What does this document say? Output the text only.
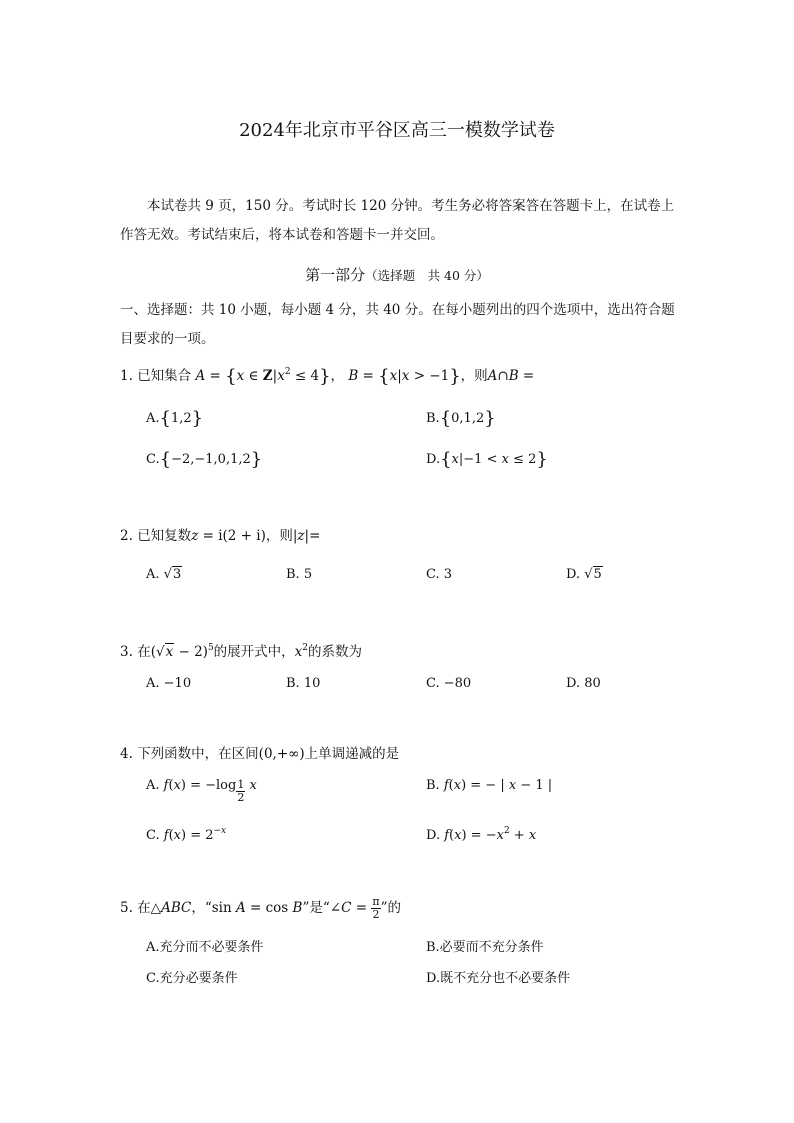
2024年北京市平谷区高三一模数学试卷
本试卷共 9 页，150 分。考试时长 120 分钟。考生务必将答案答在答题卡上，在试卷上作答无效。考试结束后，将本试卷和答题卡一并交回。
第一部分（选择题　共 40 分）
一、选择题：共 10 小题，每小题 4 分，共 40 分。在每小题列出的四个选项中，选出符合题目要求的一项。
1. 已知集合 A = {x ∈ $Z|x^2 \le 4$}， B = {x|x > −1}，则A∩B =
A.{1,2}	B.{0,1,2}
C.{−2,−1,0,1,2}	D.{x|−1 < x ≤ 2}
2. 已知复数z = i(2 + i)，则|z|=
A. √3	B. 5	C. 3	D. √5
3. 在$(√x - 2)^5$的展开式中，$x^2$的系数为
A. −10	B. 10	C. −80	D. 80
4. 下列函数中，在区间(0,+∞)上单调递减的是
A. $f(x) = -\log \frac{1}{2}$ x	B. f(x) = − | x − 1 |
C. $f(x) = 2^{-x}$	D. $f(x) = -x^2 + x$
5. 在△ABC，“sin A = cos B”是“∠C = $\frac{\pi}{2}$ ”的
A.充分而不必要条件	B.必要而不充分条件
C.充分必要条件	D.既不充分也不必要条件
